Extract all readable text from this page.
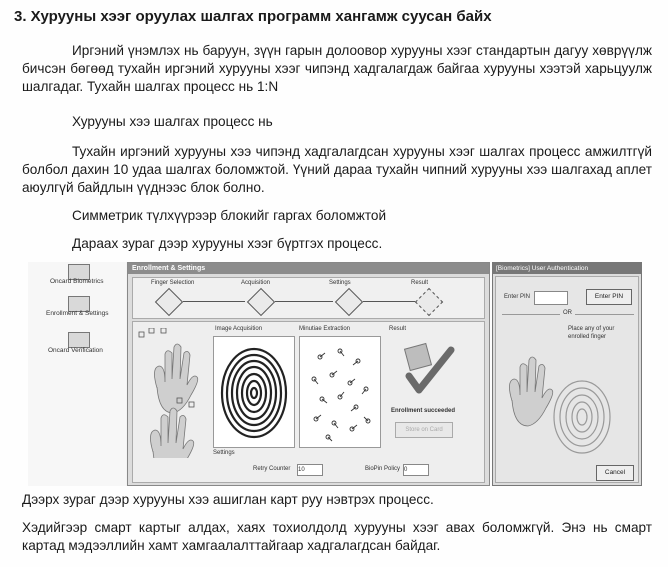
3. Хурууны хээг оруулах шалгах программ хангамж суусан байх
Иргэний үнэмлэх нь баруун, зүүн гарын долоовор хурууны хээг стандартын дагуу хөврүүлж бичсэн бөгөөд тухайн иргэний хурууны хээг чипэнд хадгалагдаж байгаа хурууны хээтэй харьцуулж шалгадаг. Тухайн шалгах процесс нь 1:N
Хурууны хээ шалгах процесс нь
Тухайн иргэний хурууны хээ чипэнд хадгалагдсан хурууны хээг шалгах процесс амжилтгүй болбол дахин 10 удаа шалгах боломжтой. Үүний дараа тухайн чипний хурууны хээ шалгахад аплет аюулгүй байдлын үүднээс блок болно.
Симметрик түлхүүрээр блокийг гаргах боломжтой
Дараах зураг дээр хурууны хээг бүртгэх процесс.
Oncard Biometrics
Enrollment & Settings
Oncard Verification
Enrollment & Settings
Finger Selection	Acquisition	Settings	Result
Image Acquisition	Minutiae Extraction	Result
Enrollment succeeded
Store on Card
Settings
Retry Counter 10	BioPin Policy 0
[Biometrics] User Authentication
Enter PIN	Enter PIN
OR
Place any of your enrolled finger
Cancel
Дээрх зураг дээр хурууны хээ ашиглан карт руу нэвтрэх процесс.
Хэдийгээр смарт картыг алдах, хаях тохиолдолд хурууны хээг авах боломжгүй. Энэ нь смарт картад мэдээллийн хамт хамгаалалттайгаар хадгалагдсан байдаг.
